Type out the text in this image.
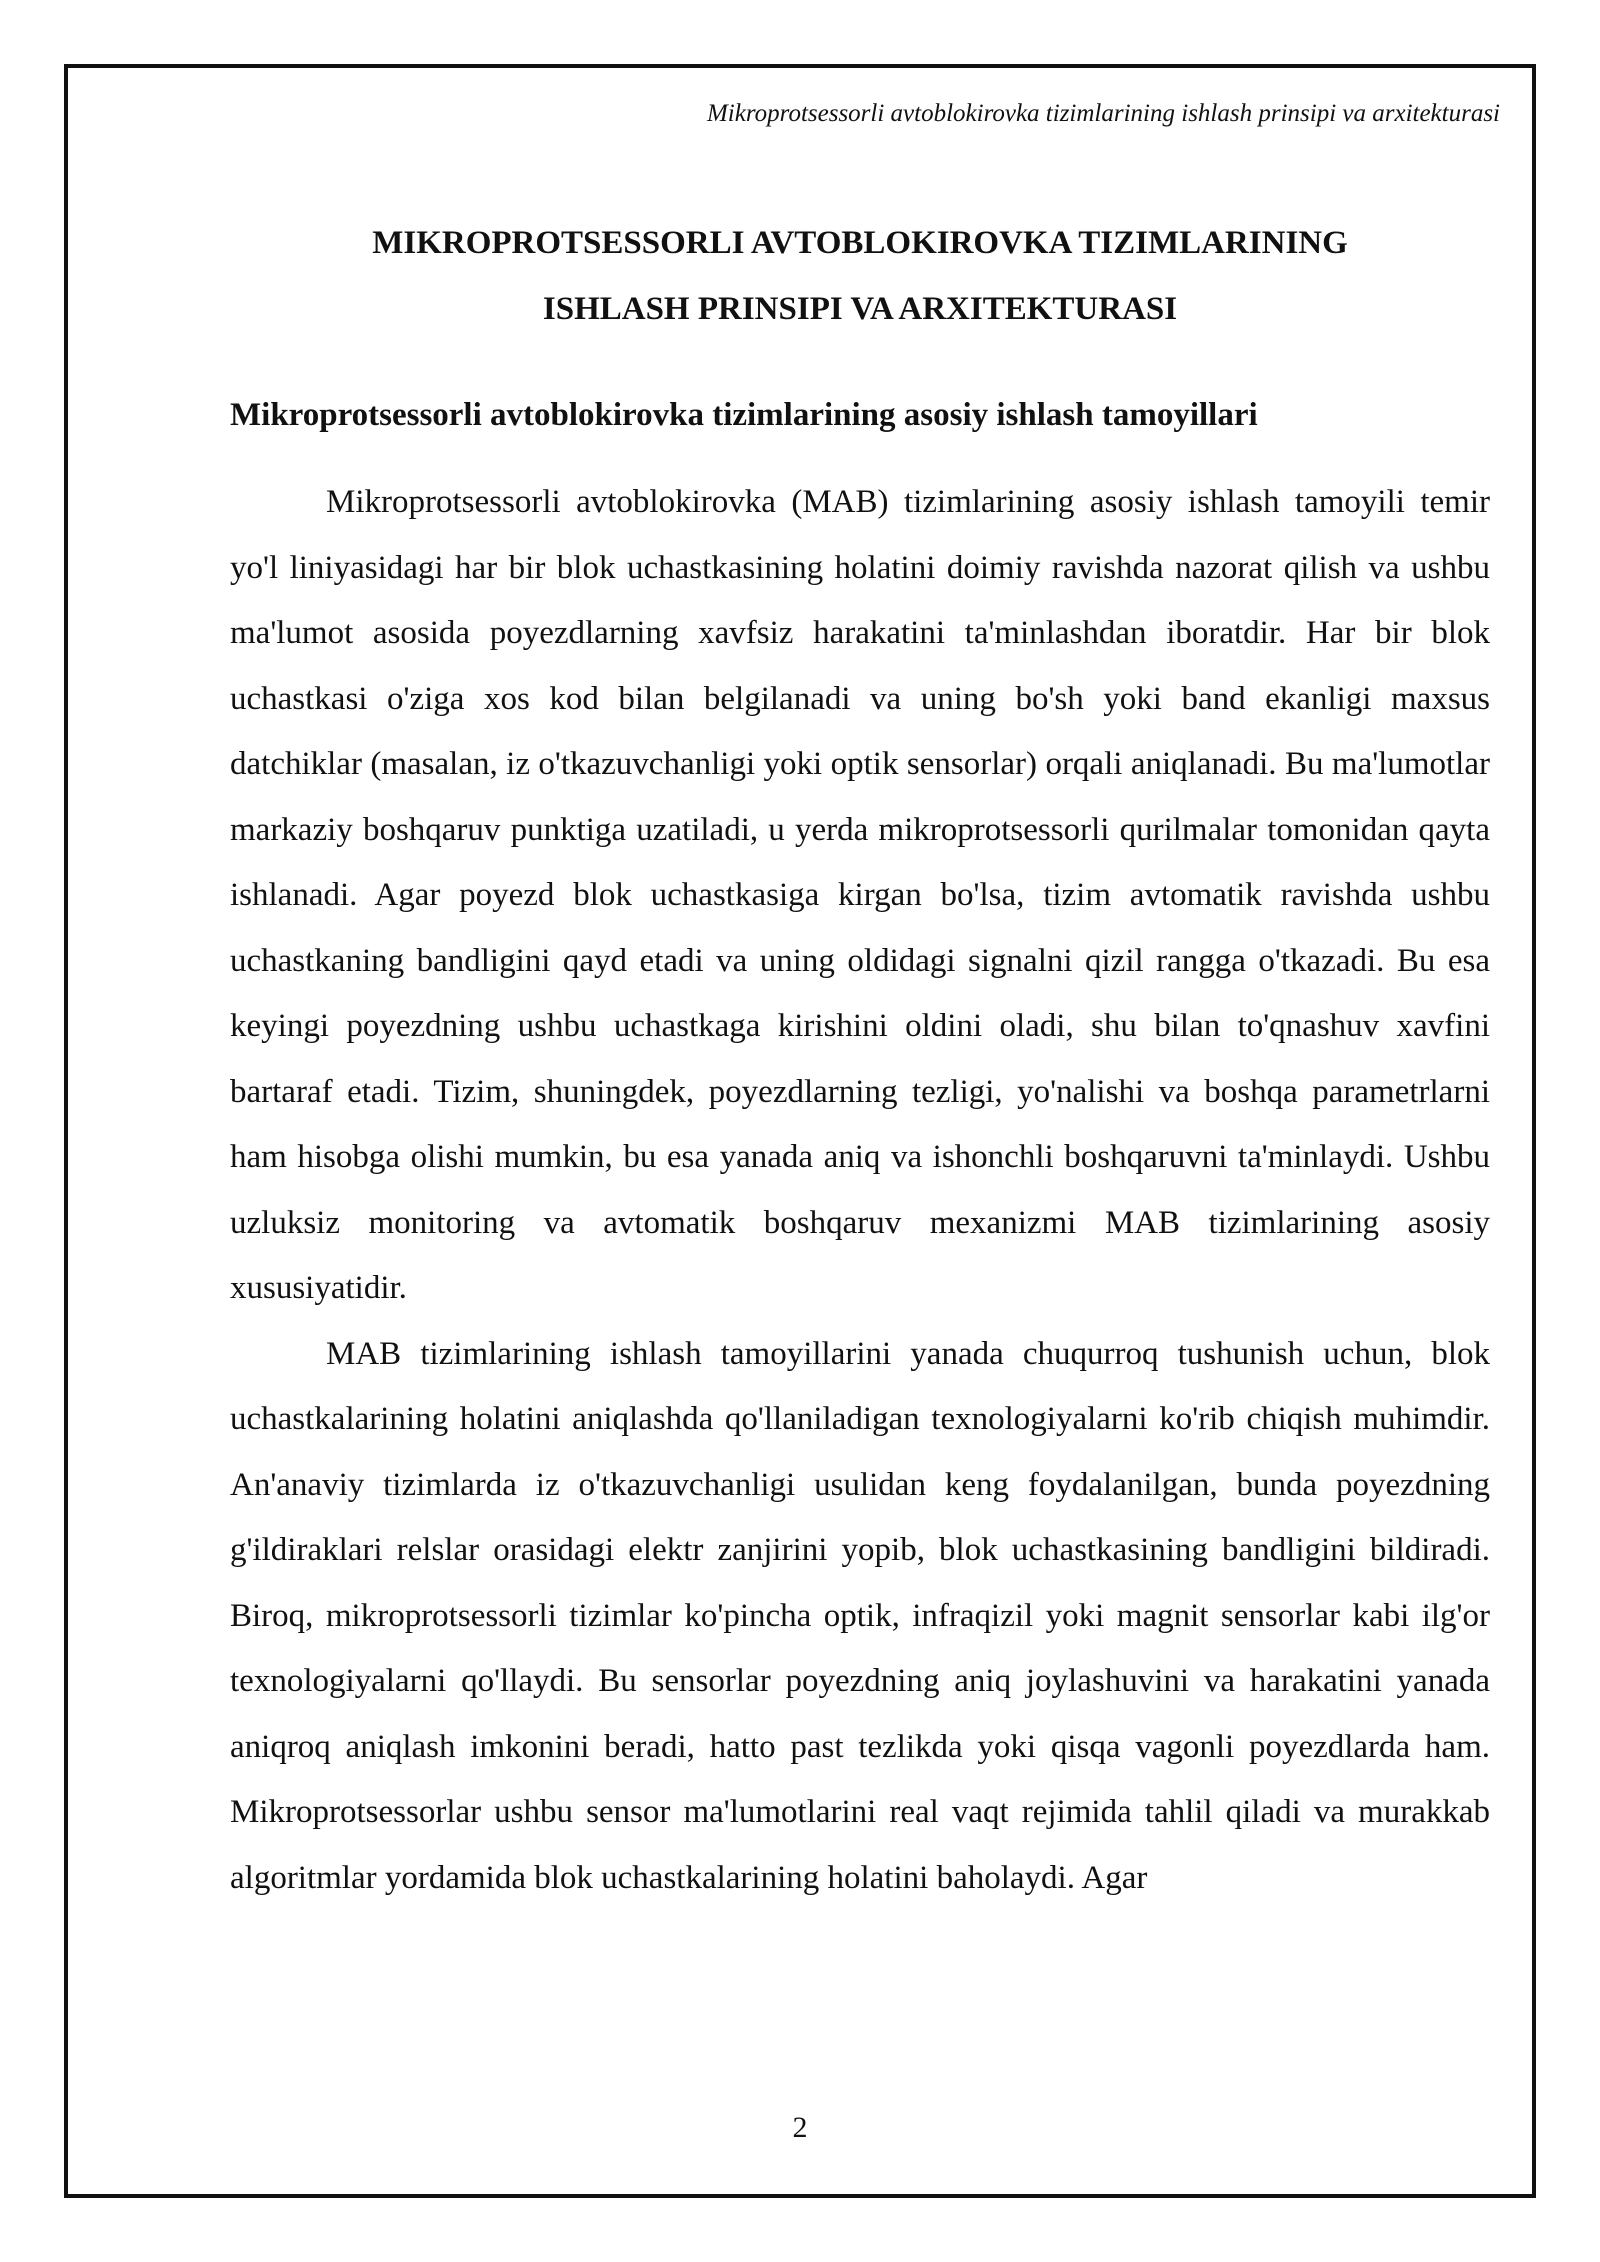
Mikroprotsessorli avtoblokirovka tizimlarining ishlash prinsipi va arxitekturasi

MIKROPROTSESSORLI AVTOBLOKIROVKA TIZIMLARINING
ISHLASH PRINSIPI VA ARXITEKTURASI
Mikroprotsessorli avtoblokirovka tizimlarining asosiy ishlash tamoyillari

Mikroprotsessorli avtoblokirovka (MAB) tizimlarining asosiy ishlash tamoyili temir yo'l liniyasidagi har bir blok uchastkasining holatini doimiy ravishda nazorat qilish va ushbu ma'lumot asosida poyezdlarning xavfsiz harakatini ta'minlashdan iboratdir. Har bir blok uchastkasi o'ziga xos kod bilan belgilanadi va uning bo'sh yoki band ekanligi maxsus datchiklar (masalan, iz o'tkazuvchanligi yoki optik sensorlar) orqali aniqlanadi. Bu ma'lumotlar markaziy boshqaruv punktiga uzatiladi, u yerda mikroprotsessorli qurilmalar tomonidan qayta ishlanadi. Agar poyezd blok uchastkasiga kirgan bo'lsa, tizim avtomatik ravishda ushbu uchastkaning bandligini qayd etadi va uning oldidagi signalni qizil rangga o'tkazadi. Bu esa keyingi poyezdning ushbu uchastkaga kirishini oldini oladi, shu bilan to'qnashuv xavfini bartaraf etadi. Tizim, shuningdek, poyezdlarning tezligi, yo'nalishi va boshqa parametrlarni ham hisobga olishi mumkin, bu esa yanada aniq va ishonchli boshqaruvni ta'minlaydi. Ushbu uzluksiz monitoring va avtomatik boshqaruv mexanizmi MAB tizimlarining asosiy xususiyatidir.

MAB tizimlarining ishlash tamoyillarini yanada chuqurroq tushunish uchun, blok uchastkalarining holatini aniqlashda qo'llaniladigan texnologiyalarni ko'rib chiqish muhimdir. An'anaviy tizimlarda iz o'tkazuvchanligi usulidan keng foydalanilgan, bunda poyezdning g'ildiraklari relslar orasidagi elektr zanjirini yopib, blok uchastkasining bandligini bildiradi. Biroq, mikroprotsessorli tizimlar ko'pincha optik, infraqizil yoki magnit sensorlar kabi ilg'or texnologiyalarni qo'llaydi. Bu sensorlar poyezdning aniq joylashuvini va harakatini yanada aniqroq aniqlash imkonini beradi, hatto past tezlikda yoki qisqa vagonli poyezdlarda ham. Mikroprotsessorlar ushbu sensor ma'lumotlarini real vaqt rejimida tahlil qiladi va murakkab algoritmlar yordamida blok uchastkalarining holatini baholaydi. Agar

2
